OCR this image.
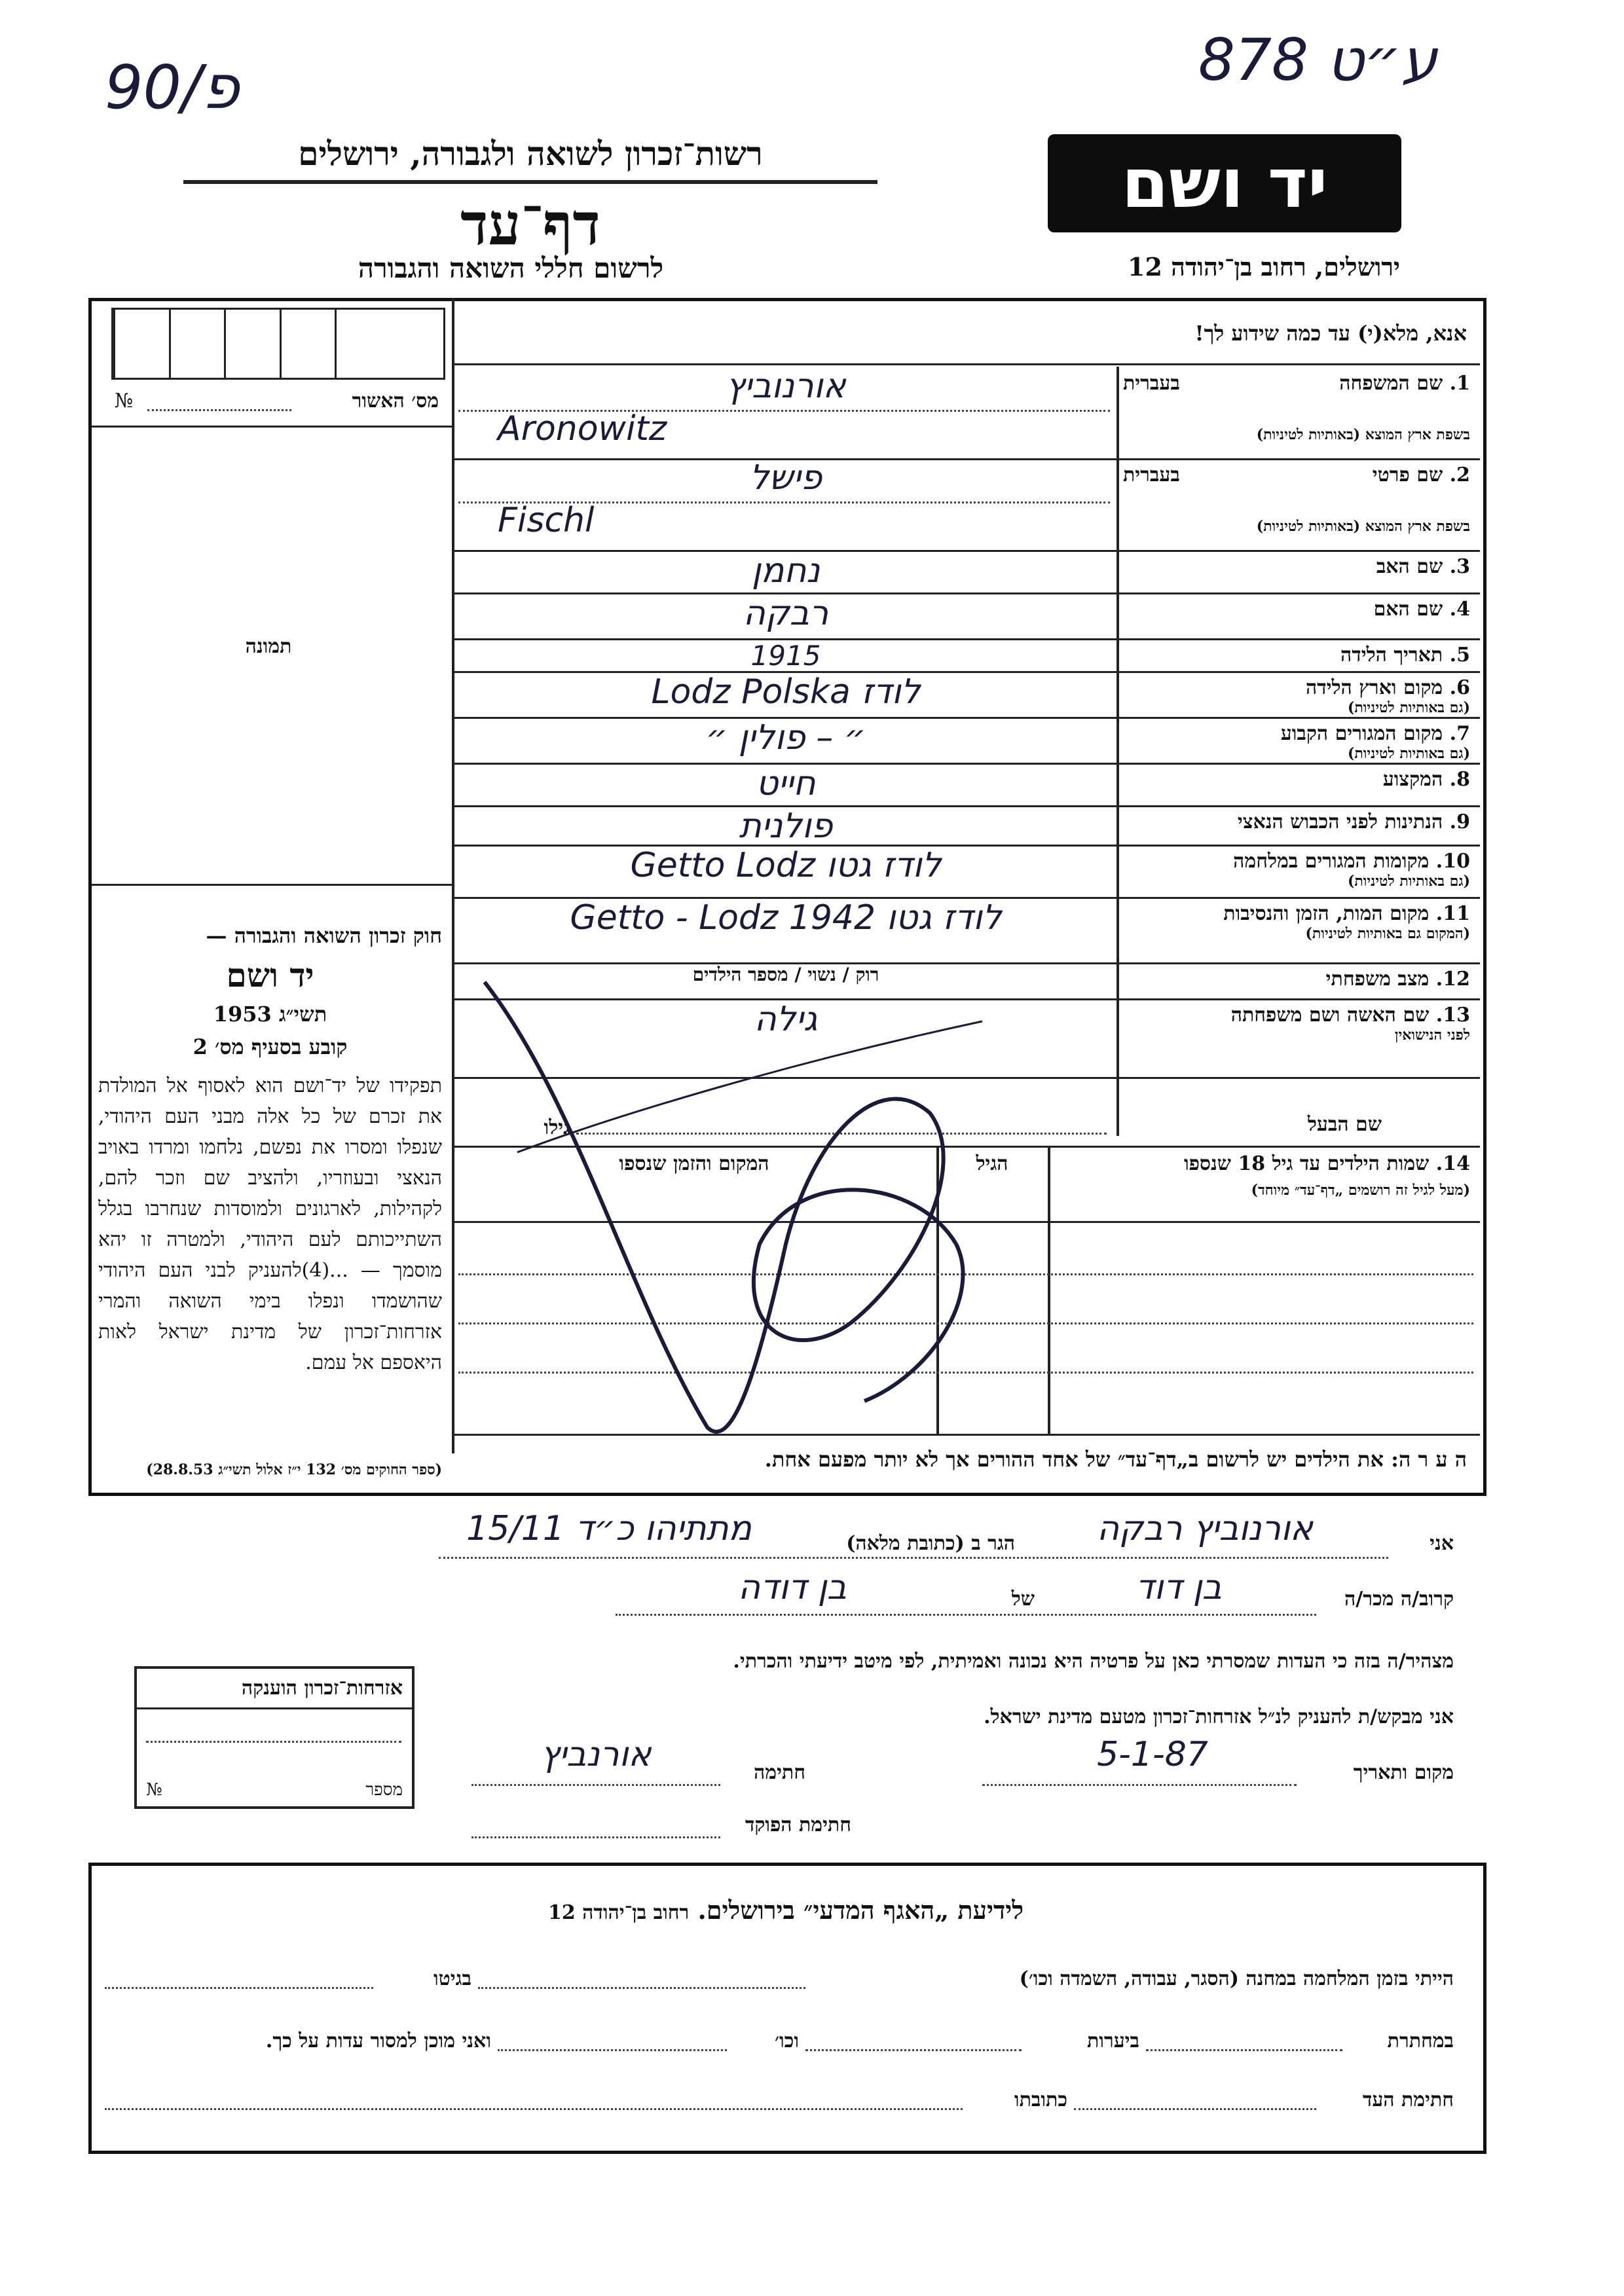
90/פ	878 ע״ט
רשות־זכרון לשואה ולגבורה, ירושלים
דף־עד
לרשום חללי השואה והגבורה
יד ושם
ירושלים, רחוב בן־יהודה 12
מס׳ האשור
№
תמונה
חוק זכרון השואה והגבורה —
יד ושם
תשי״ג 1953
קובע בסעיף מס׳ 2
תפקידו של יד־ושם הוא לאסוף אל המולדת את זכרם של כל אלה מבני העם היהודי, שנפלו ומסרו את נפשם, נלחמו ומרדו באויב הנאצי ובעוזריו, ולהציב שם וזכר להם, לקהילות, לארגונים ולמוסדות שנחרבו בגלל השתייכותם לעם היהודי, ולמטרה זו יהא מוסמך — ...(4)להעניק לבני העם היהודי שהושמדו ונפלו בימי השואה והמרי אזרחות־זכרון של מדינת ישראל לאות היאספם אל עמם.
(ספר החוקים מס׳ 132 י״ז אלול תשי״ג 28.8.53)
אנא, מלא(י) עד כמה שידוע לך!
1. שם המשפחה
בשפת ארץ המוצא (באותיות לטיניות)
בעברית
אורנוביץ
Aronowitz
2. שם פרטי
בשפת ארץ המוצא (באותיות לטיניות)
בעברית
פישל
Fischl
3. שם האב
נחמן
4. שם האם
רבקה
5. תאריך הלידה
1915
6. מקום וארץ הלידה
(גם באותיות לטיניות)
Lodz Polska לודז
7. מקום המגורים הקבוע
(גם באותיות לטיניות)
״ – פולין ״
8. המקצוע
חייט
9. הנתינות לפני הכבוש הנאצי
פולנית
10. מקומות המגורים במלחמה
(גם באותיות לטיניות)
Getto Lodz לודז גטו
11. מקום המות, הזמן והנסיבות
(המקום גם באותיות לטיניות)
Getto - Lodz 1942 לודז גטו
12. מצב משפחתי
רוק / נשוי / מספר הילדים
13. שם האשה ושם משפחתה
לפני הנישואין
גילה
שם הבעל
גילו
14. שמות הילדים עד גיל 18 שנספו
(מעל לגיל זה רושמים „דף־עד״ מיוחד)
הגיל
המקום והזמן שנספו
ה ע ר ה: את הילדים יש לרשום ב„דף־עד״ של אחד ההורים אך לא יותר מפעם אחת.
אני
אורנוביץ רבקה
הגר ב (כתובת מלאה)
מתתיהו כ״ד 15/11
קרוב/ה מכר/ה
בן דוד
של
בן דודה
מצהיר/ה בזה כי העדות שמסרתי כאן על פרטיה היא נכונה ואמיתית, לפי מיטב ידיעתי והכרתי.
אני מבקש/ת להעניק לנ״ל אזרחות־זכרון מטעם מדינת ישראל.
מקום ותאריך
5-1-87
חתימה
אורנביץ
חתימת הפוקד
אזרחות־זכרון הוענקה
№	מספר
לידיעת „האגף המדעי״ בירושלים. רחוב בן־יהודה 12
הייתי בזמן המלחמה במחנה (הסגר, עבודה, השמדה וכו׳)
בגיטו
במחתרת
ביערות
וכו׳
ואני מוכן למסור עדות על כך.
חתימת העד
כתובתו
